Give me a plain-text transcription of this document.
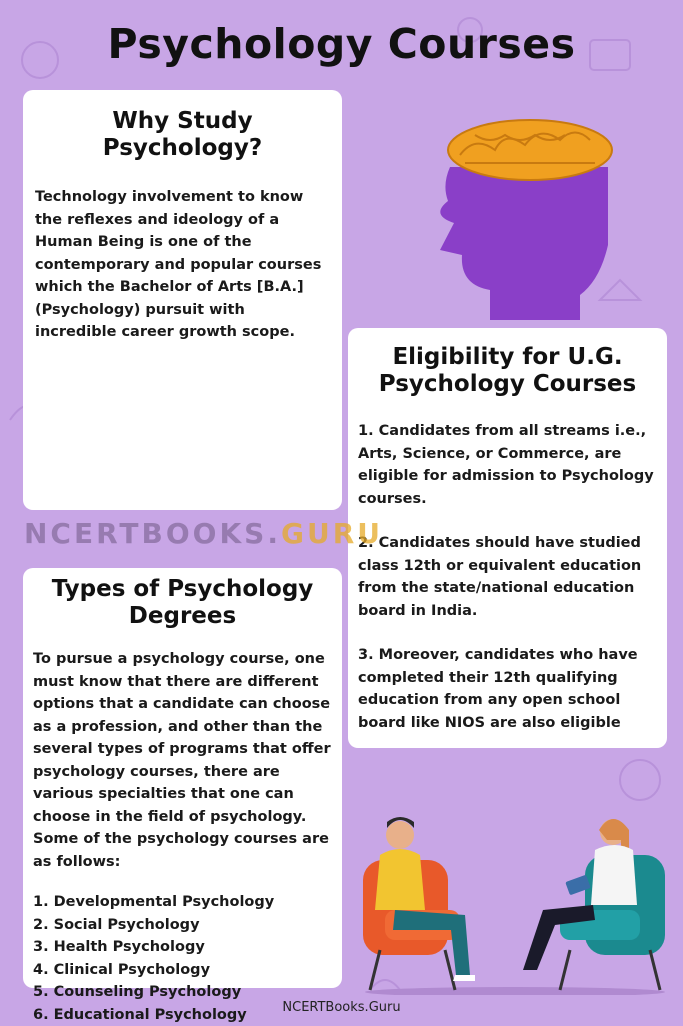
Psychology Courses
Why Study Psychology?

Technology involvement to know the reflexes and ideology of a Human Being is one of the contemporary and popular courses which the Bachelor of Arts [B.A.] (Psychology) pursuit with incredible career growth scope.

Eligibility for U.G. Psychology Courses
1. Candidates from all streams i.e., Arts, Science, or Commerce, are eligible for admission to Psychology courses.
2. Candidates should have studied class 12th or equivalent education from the state/national education board in India.
3. Moreover, candidates who have completed their 12th qualifying education from any open school board like NIOS are also eligible
NCERTBOOKS.GURU
Types of Psychology Degrees

To pursue a psychology course, one must know that there are different options that a candidate can choose as a profession, and other than the several types of programs that offer psychology courses, there are various specialties that one can choose in the field of psychology. Some of the psychology courses are as follows:

1. Developmental Psychology
2. Social Psychology
3. Health Psychology
4. Clinical Psychology
5. Counseling Psychology
6. Educational Psychology	NCERTBooks.Guru
